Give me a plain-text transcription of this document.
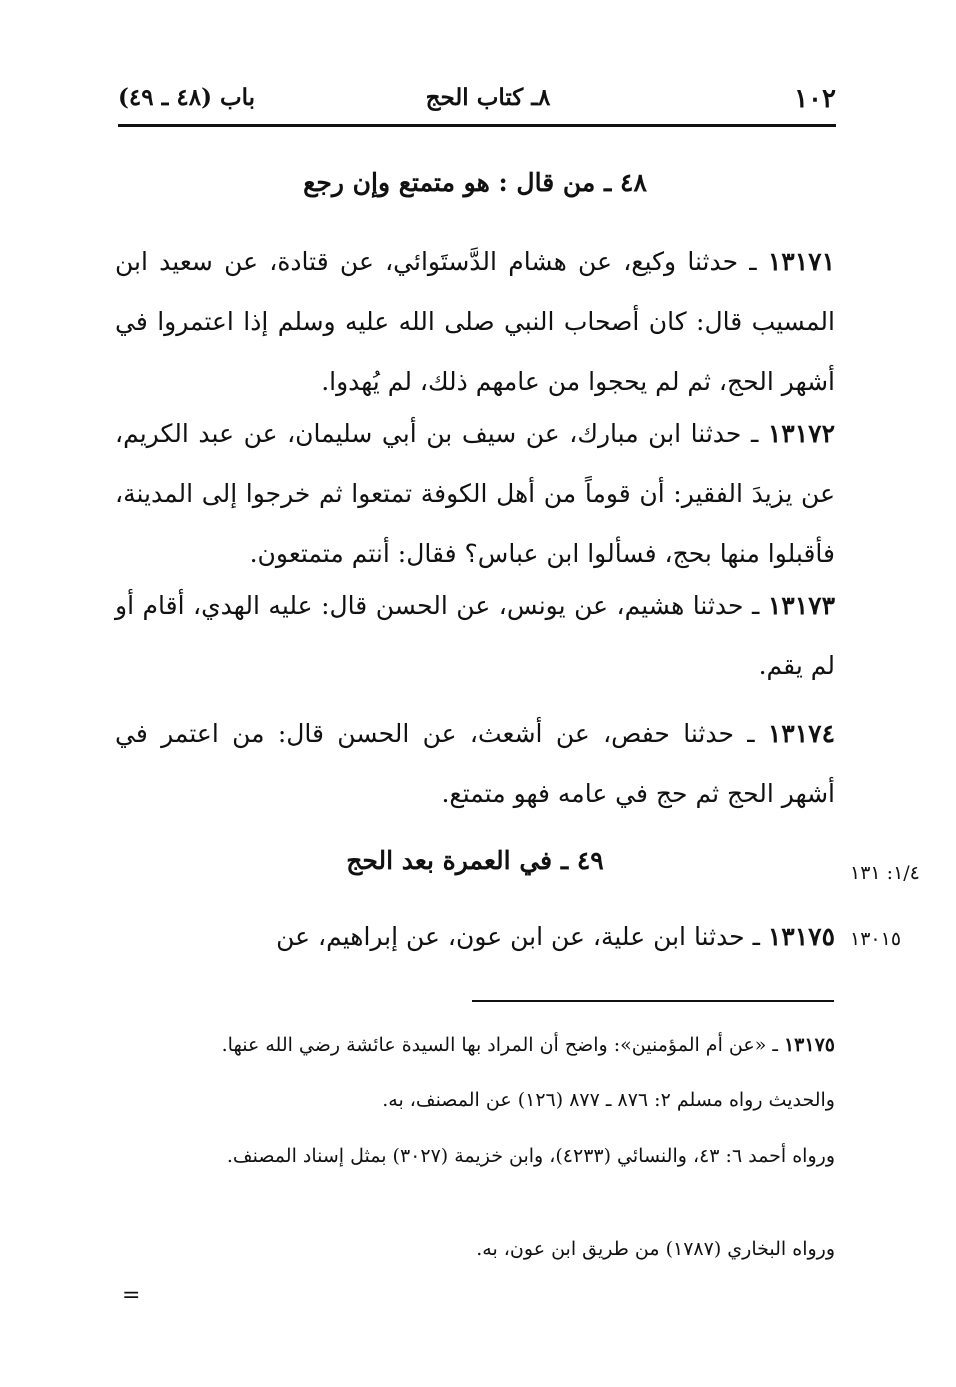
١٠٢
٨ـ كتاب الحج
باب (٤٨ ـ ٤٩)
٤٨ ـ من قال : هو متمتع وإن رجع
١٣١٧١ ـ حدثنا وكيع، عن هشام الدَّستَوائي، عن قتادة، عن سعيد ابن المسيب قال: كان أصحاب النبي صلى الله عليه وسلم إذا اعتمروا في أشهر الحج، ثم لم يحجوا من عامهم ذلك، لم يُهدوا.
١٣١٧٢ ـ حدثنا ابن مبارك، عن سيف بن أبي سليمان، عن عبد الكريم، عن يزيدَ الفقير: أن قوماً من أهل الكوفة تمتعوا ثم خرجوا إلى المدينة، فأقبلوا منها بحج، فسألوا ابن عباس؟ فقال: أنتم متمتعون.
١٣١٧٣ ـ حدثنا هشيم، عن يونس، عن الحسن قال: عليه الهدي، أقام أو لم يقم.
١٣١٧٤ ـ حدثنا حفص، عن أشعث، عن الحسن قال: من اعتمر في أشهر الحج ثم حج في عامه فهو متمتع.
٤٩ ـ في العمرة بعد الحج	١/٤: ١٣١
١٣١٧٥ ـ حدثنا ابن علية، عن ابن عون، عن إبراهيم، عن	١٣٠١٥
١٣١٧٥ ـ «عن أم المؤمنين»: واضح أن المراد بها السيدة عائشة رضي الله عنها.
والحديث رواه مسلم ٢: ٨٧٦ ـ ٨٧٧ (١٢٦) عن المصنف، به.
ورواه أحمد ٦: ٤٣، والنسائي (٤٢٣٣)، وابن خزيمة (٣٠٢٧) بمثل إسناد المصنف.
ورواه البخاري (١٧٨٧) من طريق ابن عون، به.
=
